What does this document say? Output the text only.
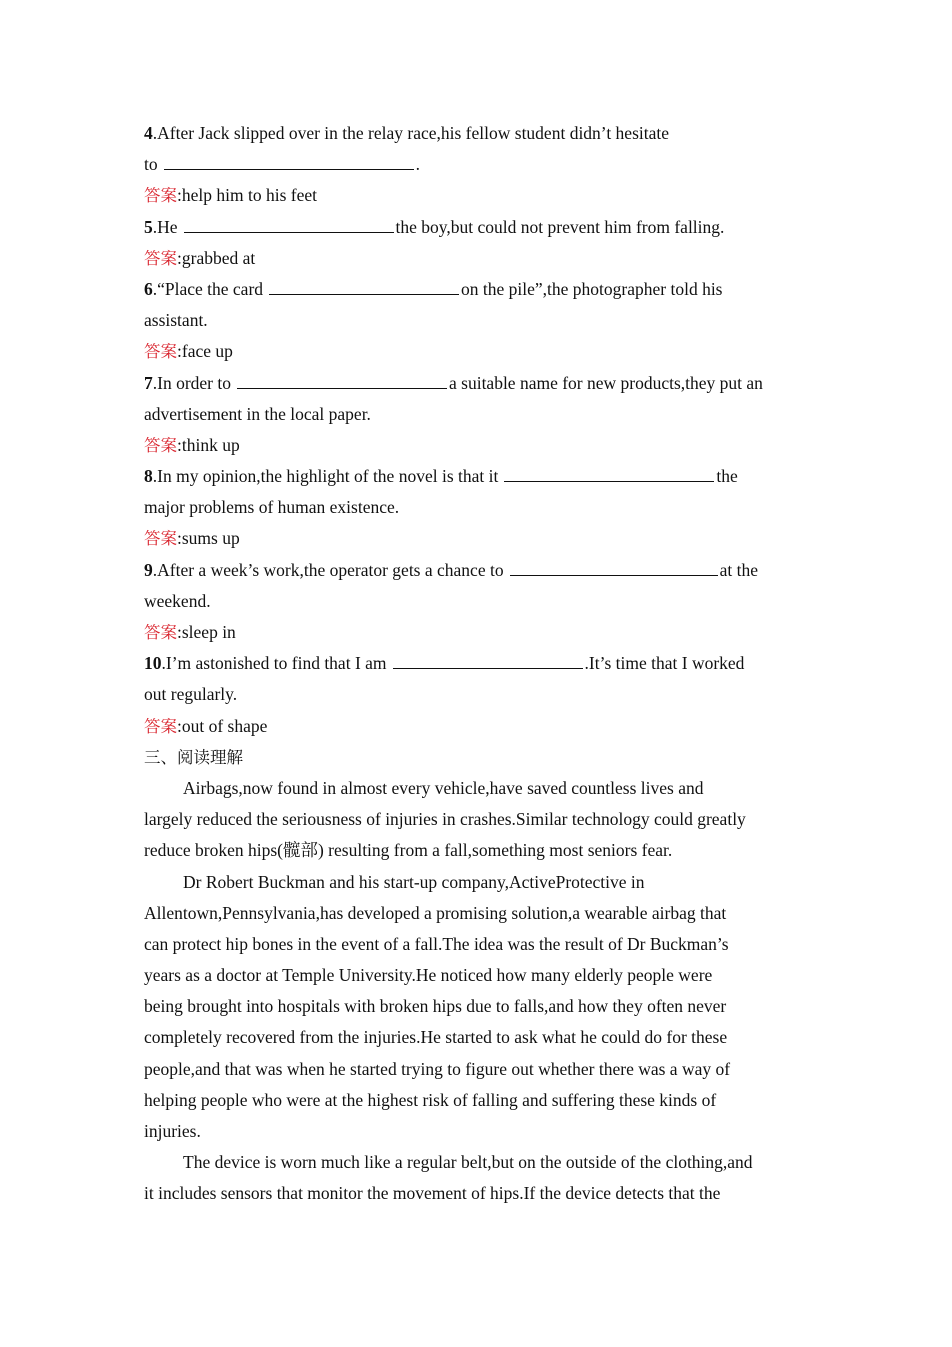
4.After Jack slipped over in the relay race,his fellow student didn’t hesitate
to	.
答案:help him to his feet
5.He	the boy,but could not prevent him from falling.
答案:grabbed at
6.“Place the card	on the pile”,the photographer told his
assistant.
答案:face up
7.In order to	a suitable name for new products,they put an
advertisement in the local paper.
答案:think up
8.In my opinion,the highlight of the novel is that it	the
major problems of human existence.
答案:sums up
9.After a week’s work,the operator gets a chance to	at the
weekend.
答案:sleep in
10.I’m astonished to find that I am	.It’s time that I worked
out regularly.
答案:out of shape
三、阅读理解
Airbags,now found in almost every vehicle,have saved countless lives and
largely reduced the seriousness of injuries in crashes.Similar technology could greatly
reduce broken hips(髋部) resulting from a fall,something most seniors fear.
Dr Robert Buckman and his start-up company,ActiveProtective in
Allentown,Pennsylvania,has developed a promising solution,a wearable airbag that
can protect hip bones in the event of a fall.The idea was the result of Dr Buckman’s
years as a doctor at Temple University.He noticed how many elderly people were
being brought into hospitals with broken hips due to falls,and how they often never
completely recovered from the injuries.He started to ask what he could do for these
people,and that was when he started trying to figure out whether there was a way of
helping people who were at the highest risk of falling and suffering these kinds of
injuries.
The device is worn much like a regular belt,but on the outside of the clothing,and
it includes sensors that monitor the movement of hips.If the device detects that the
